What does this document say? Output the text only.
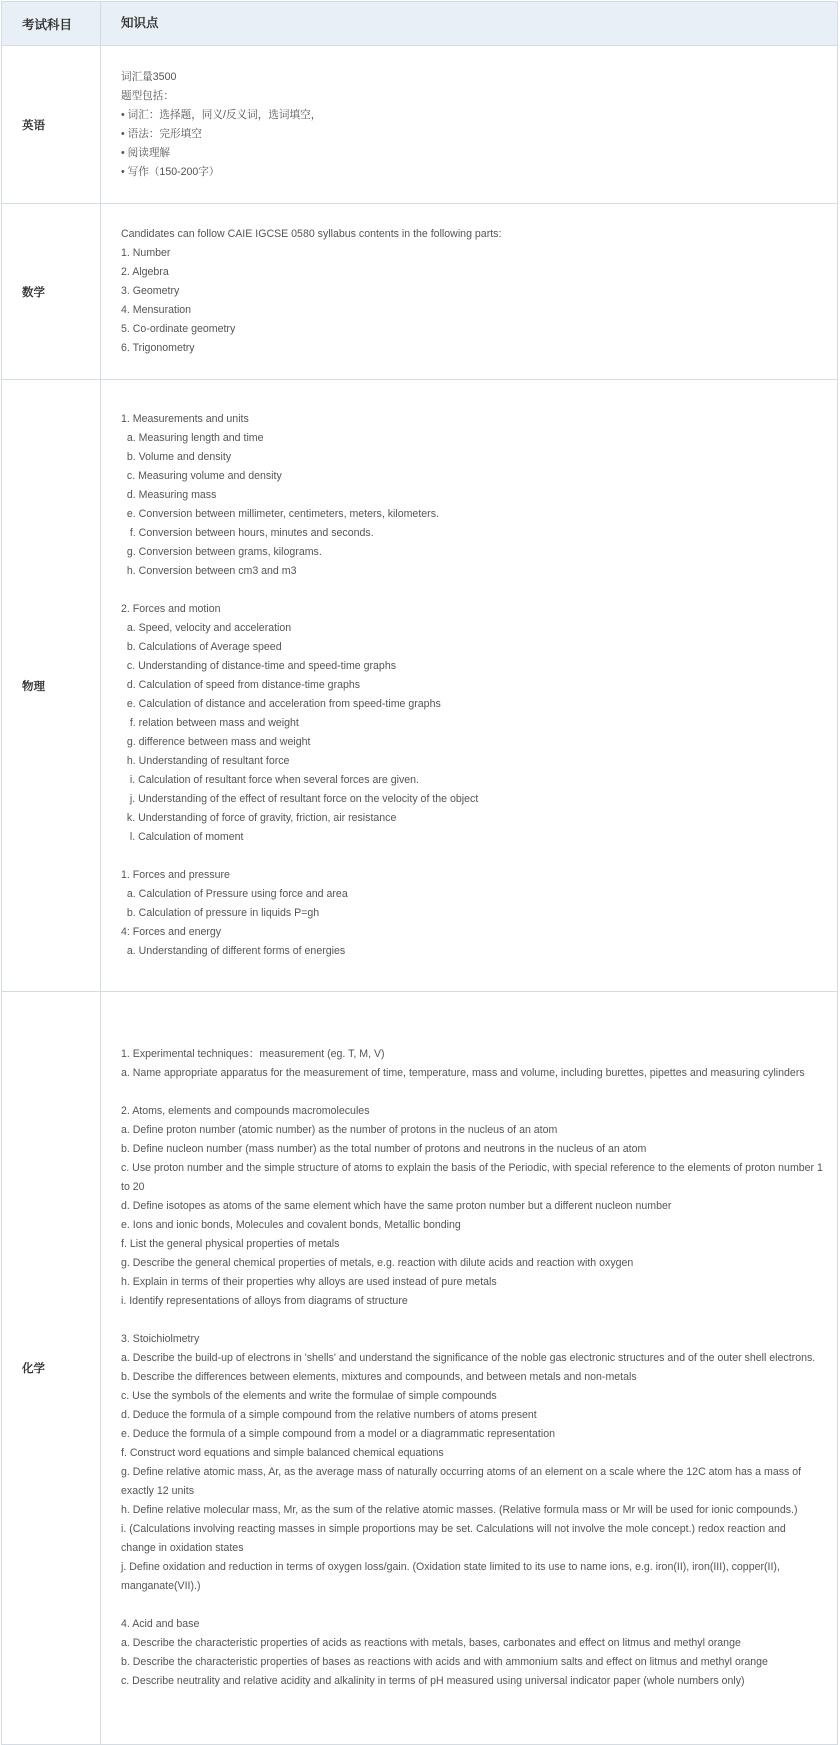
考试科目	知识点
英语
词汇量3500
题型包括：
• 词汇：选择题，同义/反义词，选词填空，
• 语法：完形填空
• 阅读理解
• 写作（150-200字）
数学
Candidates can follow CAIE IGCSE 0580 syllabus contents in the following parts:
1. Number
2. Algebra
3. Geometry
4. Mensuration
5. Co-ordinate geometry
6. Trigonometry
物理
1. Measurements and units
a. Measuring length and time
b. Volume and density
c. Measuring volume and density
d. Measuring mass
e. Conversion between millimeter, centimeters, meters, kilometers.
f. Conversion between hours, minutes and seconds.
g. Conversion between grams, kilograms.
h. Conversion between cm3 and m3
2. Forces and motion
a. Speed, velocity and acceleration
b. Calculations of Average speed
c. Understanding of distance-time and speed-time graphs
d. Calculation of speed from distance-time graphs
e. Calculation of distance and acceleration from speed-time graphs
f. relation between mass and weight
g. difference between mass and weight
h. Understanding of resultant force
i. Calculation of resultant force when several forces are given.
j. Understanding of the effect of resultant force on the velocity of the object
k. Understanding of force of gravity, friction, air resistance
l. Calculation of moment
1. Forces and pressure
a. Calculation of Pressure using force and area
b. Calculation of pressure in liquids P=gh
4: Forces and energy
a. Understanding of different forms of energies
化学
1. Experimental techniques：measurement (eg. T, M, V)
a. Name appropriate apparatus for the measurement of time, temperature, mass and volume, including burettes, pipettes and measuring cylinders
2. Atoms, elements and compounds macromolecules
a. Define proton number (atomic number) as the number of protons in the nucleus of an atom
b. Define nucleon number (mass number) as the total number of protons and neutrons in the nucleus of an atom
c. Use proton number and the simple structure of atoms to explain the basis of the Periodic, with special reference to the elements of proton number 1 to 20
d. Define isotopes as atoms of the same element which have the same proton number but a different nucleon number
e. Ions and ionic bonds, Molecules and covalent bonds, Metallic bonding
f. List the general physical properties of metals
g. Describe the general chemical properties of metals, e.g. reaction with dilute acids and reaction with oxygen
h. Explain in terms of their properties why alloys are used instead of pure metals
i. Identify representations of alloys from diagrams of structure
3. Stoichiolmetry
a. Describe the build-up of electrons in 'shells' and understand the significance of the noble gas electronic structures and of the outer shell electrons.
b. Describe the differences between elements, mixtures and compounds, and between metals and non-metals
c. Use the symbols of the elements and write the formulae of simple compounds
d. Deduce the formula of a simple compound from the relative numbers of atoms present
e. Deduce the formula of a simple compound from a model or a diagrammatic representation
f. Construct word equations and simple balanced chemical equations
g. Define relative atomic mass, Ar, as the average mass of naturally occurring atoms of an element on a scale where the 12C atom has a mass of exactly 12 units
h. Define relative molecular mass, Mr, as the sum of the relative atomic masses. (Relative formula mass or Mr will be used for ionic compounds.)
i. (Calculations involving reacting masses in simple proportions may be set. Calculations will not involve the mole concept.) redox reaction and change in oxidation states
j. Define oxidation and reduction in terms of oxygen loss/gain. (Oxidation state limited to its use to name ions, e.g. iron(II), iron(III), copper(II), manganate(VII).)
4. Acid and base
a. Describe the characteristic properties of acids as reactions with metals, bases, carbonates and effect on litmus and methyl orange
b. Describe the characteristic properties of bases as reactions with acids and with ammonium salts and effect on litmus and methyl orange
c. Describe neutrality and relative acidity and alkalinity in terms of pH measured using universal indicator paper (whole numbers only)
